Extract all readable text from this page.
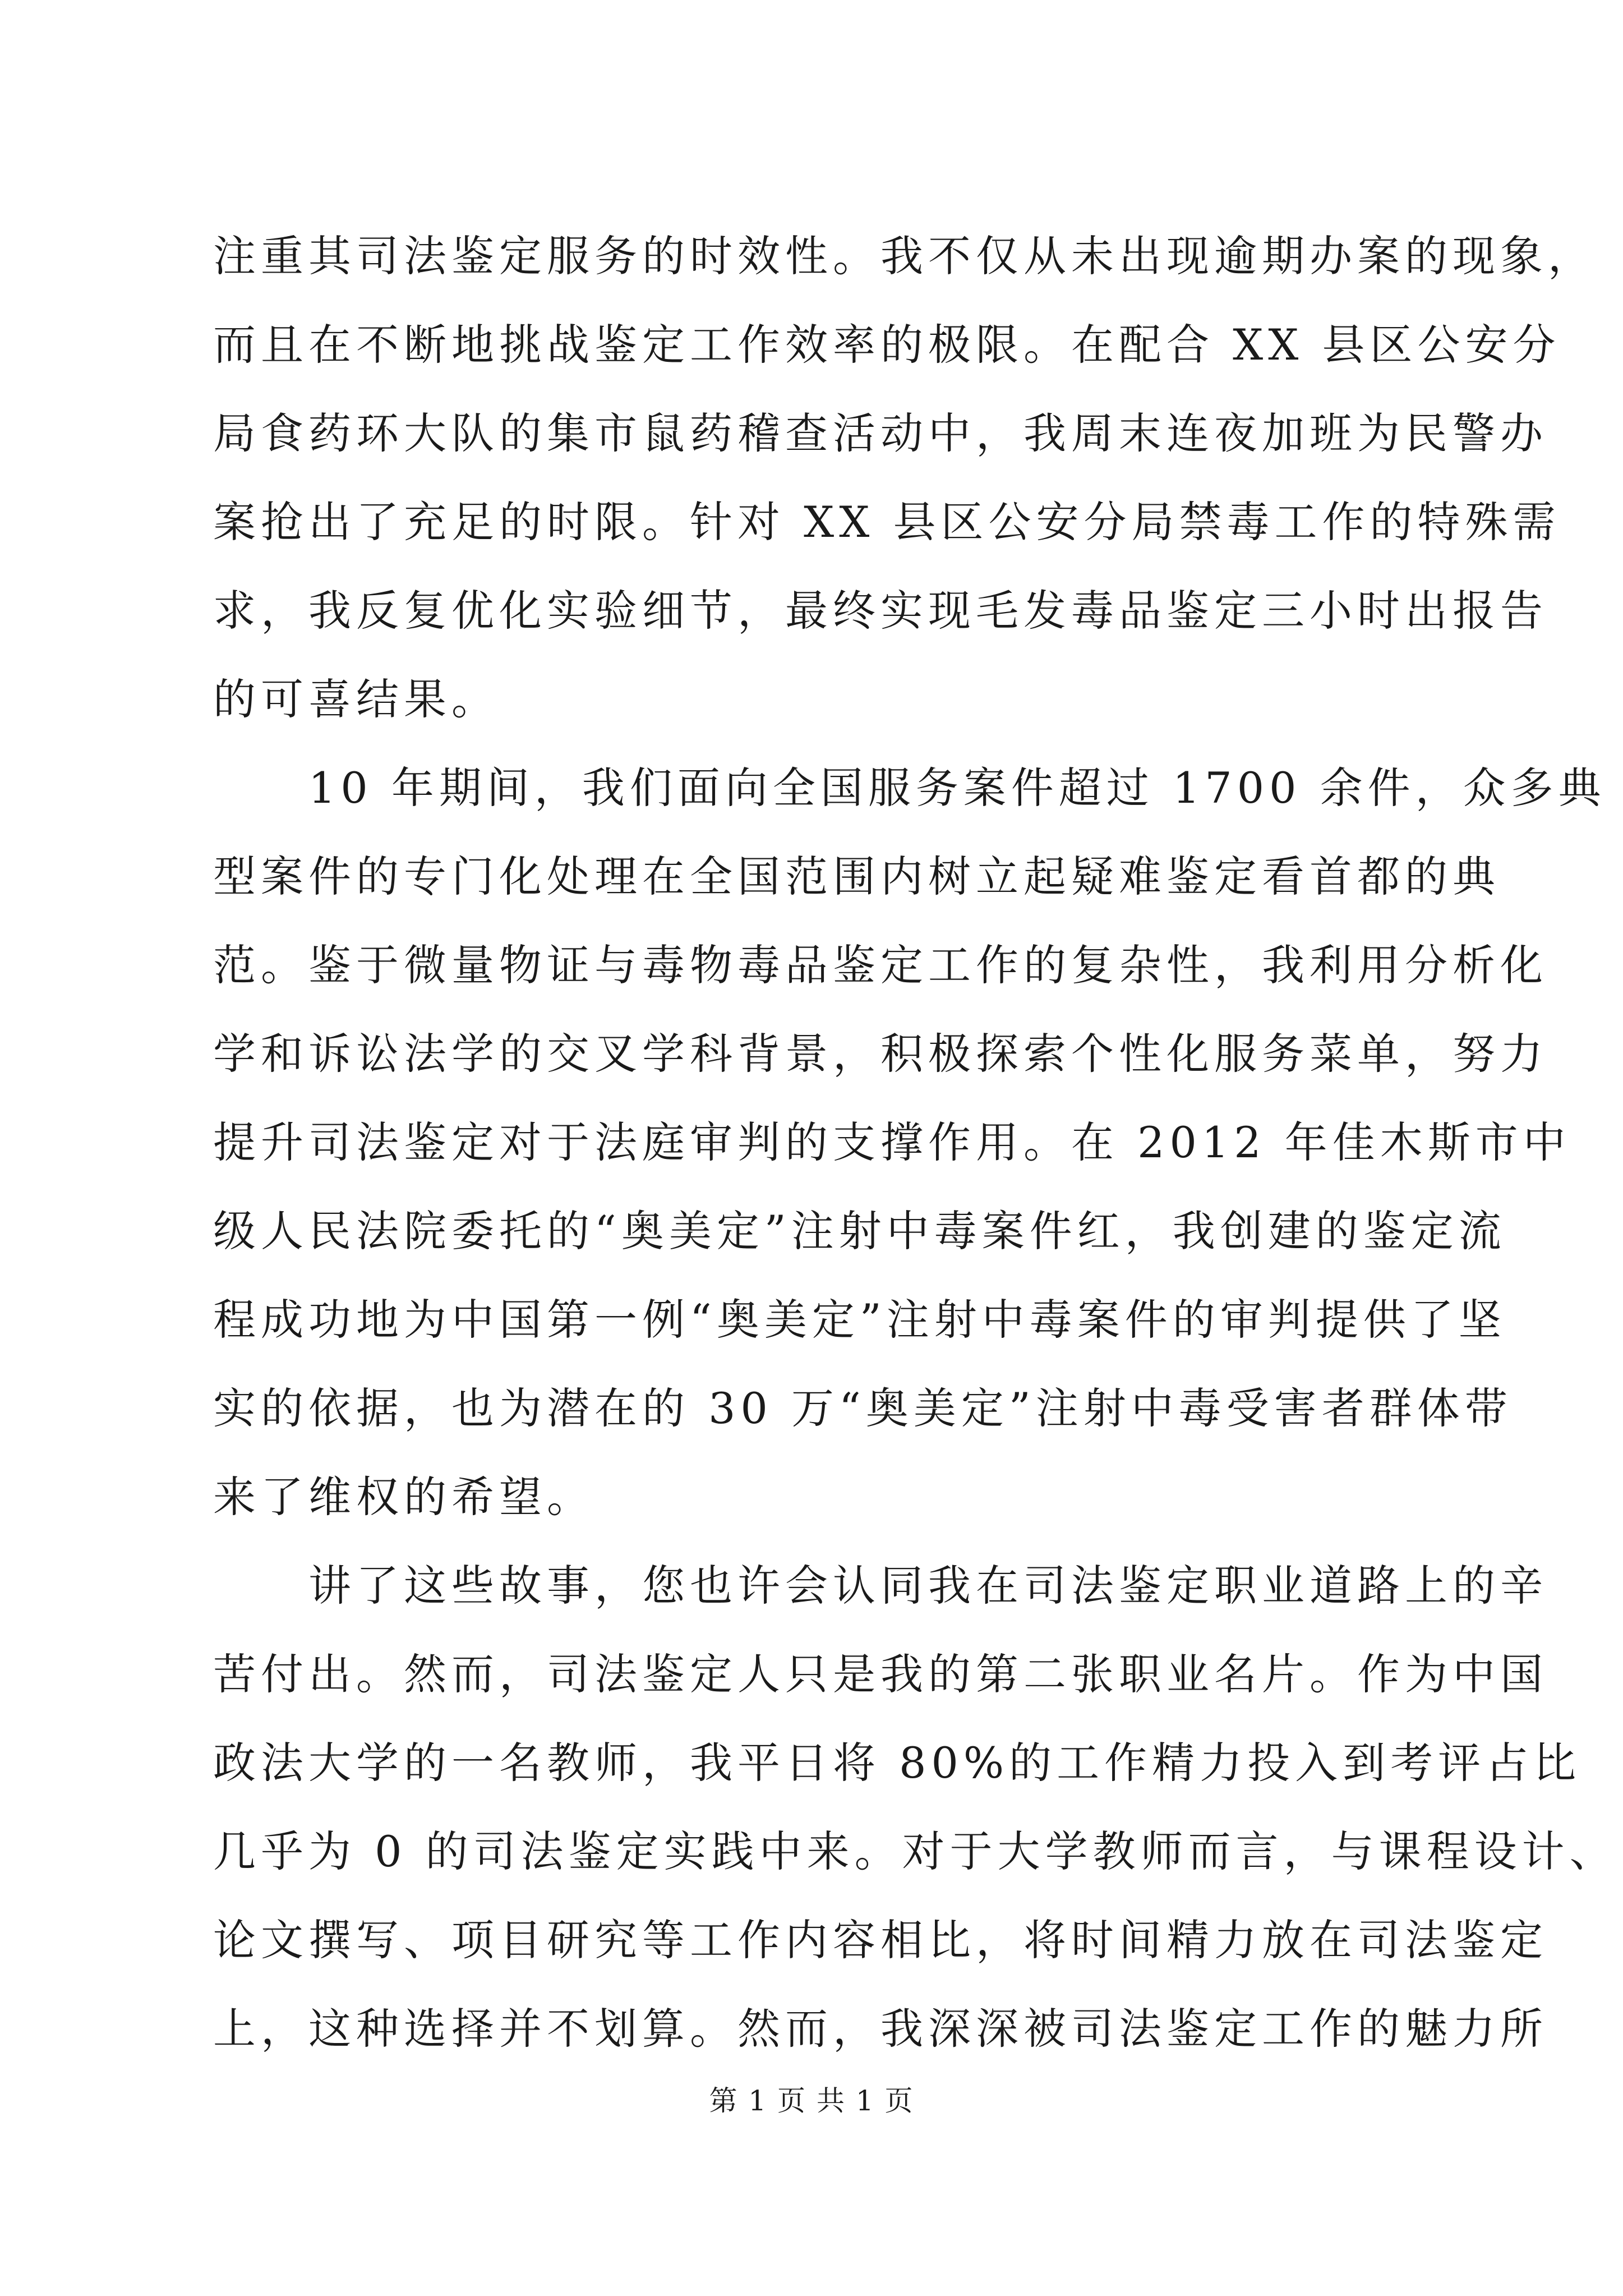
注重其司法鉴定服务的时效性。我不仅从未出现逾期办案的现象，
而且在不断地挑战鉴定工作效率的极限。在配合 XX 县区公安分
局食药环大队的集市鼠药稽查活动中，我周末连夜加班为民警办
案抢出了充足的时限。针对 XX 县区公安分局禁毒工作的特殊需
求，我反复优化实验细节，最终实现毛发毒品鉴定三小时出报告
的可喜结果。
　　10 年期间，我们面向全国服务案件超过 1700 余件，众多典
型案件的专门化处理在全国范围内树立起疑难鉴定看首都的典
范。鉴于微量物证与毒物毒品鉴定工作的复杂性，我利用分析化
学和诉讼法学的交叉学科背景，积极探索个性化服务菜单，努力
提升司法鉴定对于法庭审判的支撑作用。在 2012 年佳木斯市中
级人民法院委托的“奥美定”注射中毒案件红，我创建的鉴定流
程成功地为中国第一例“奥美定”注射中毒案件的审判提供了坚
实的依据，也为潜在的 30 万“奥美定”注射中毒受害者群体带
来了维权的希望。
　　讲了这些故事，您也许会认同我在司法鉴定职业道路上的辛
苦付出。然而，司法鉴定人只是我的第二张职业名片。作为中国
政法大学的一名教师，我平日将 80%的工作精力投入到考评占比
几乎为 0 的司法鉴定实践中来。对于大学教师而言，与课程设计、
论文撰写、项目研究等工作内容相比，将时间精力放在司法鉴定
上，这种选择并不划算。然而，我深深被司法鉴定工作的魅力所
第 1 页 共 1 页
